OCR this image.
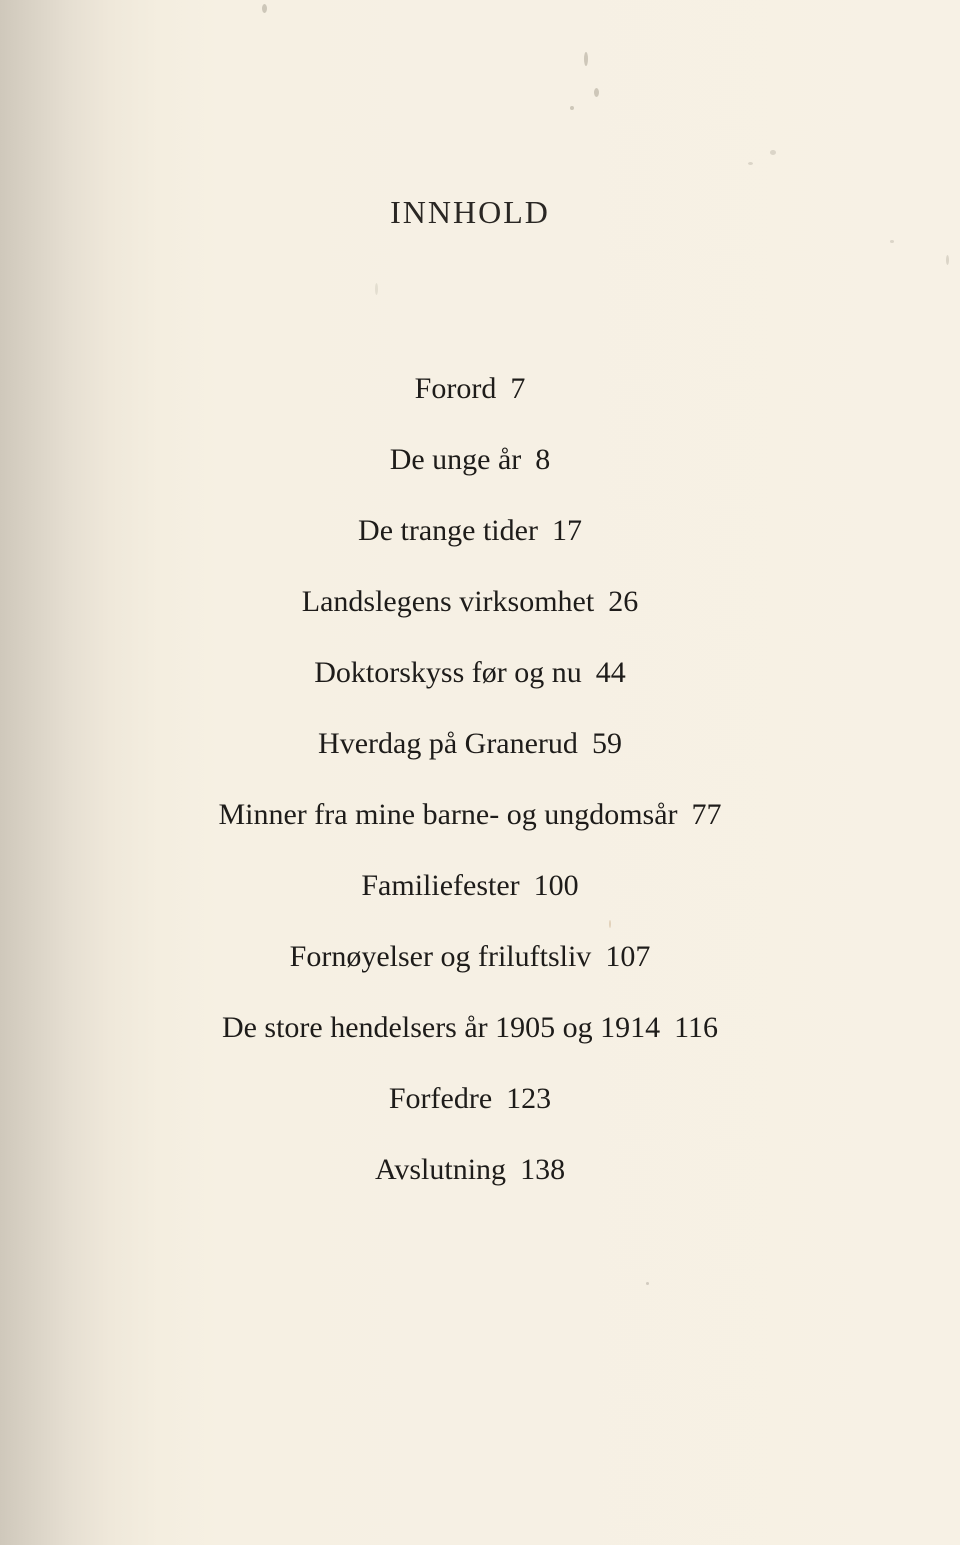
INNHOLD
Forord 7
De unge år 8
De trange tider 17
Landslegens virksomhet 26
Doktorskyss før og nu 44
Hverdag på Granerud 59
Minner fra mine barne- og ungdomsår 77
Familiefester 100
Fornøyelser og friluftsliv 107
De store hendelsers år 1905 og 1914 116
Forfedre 123
Avslutning 138
